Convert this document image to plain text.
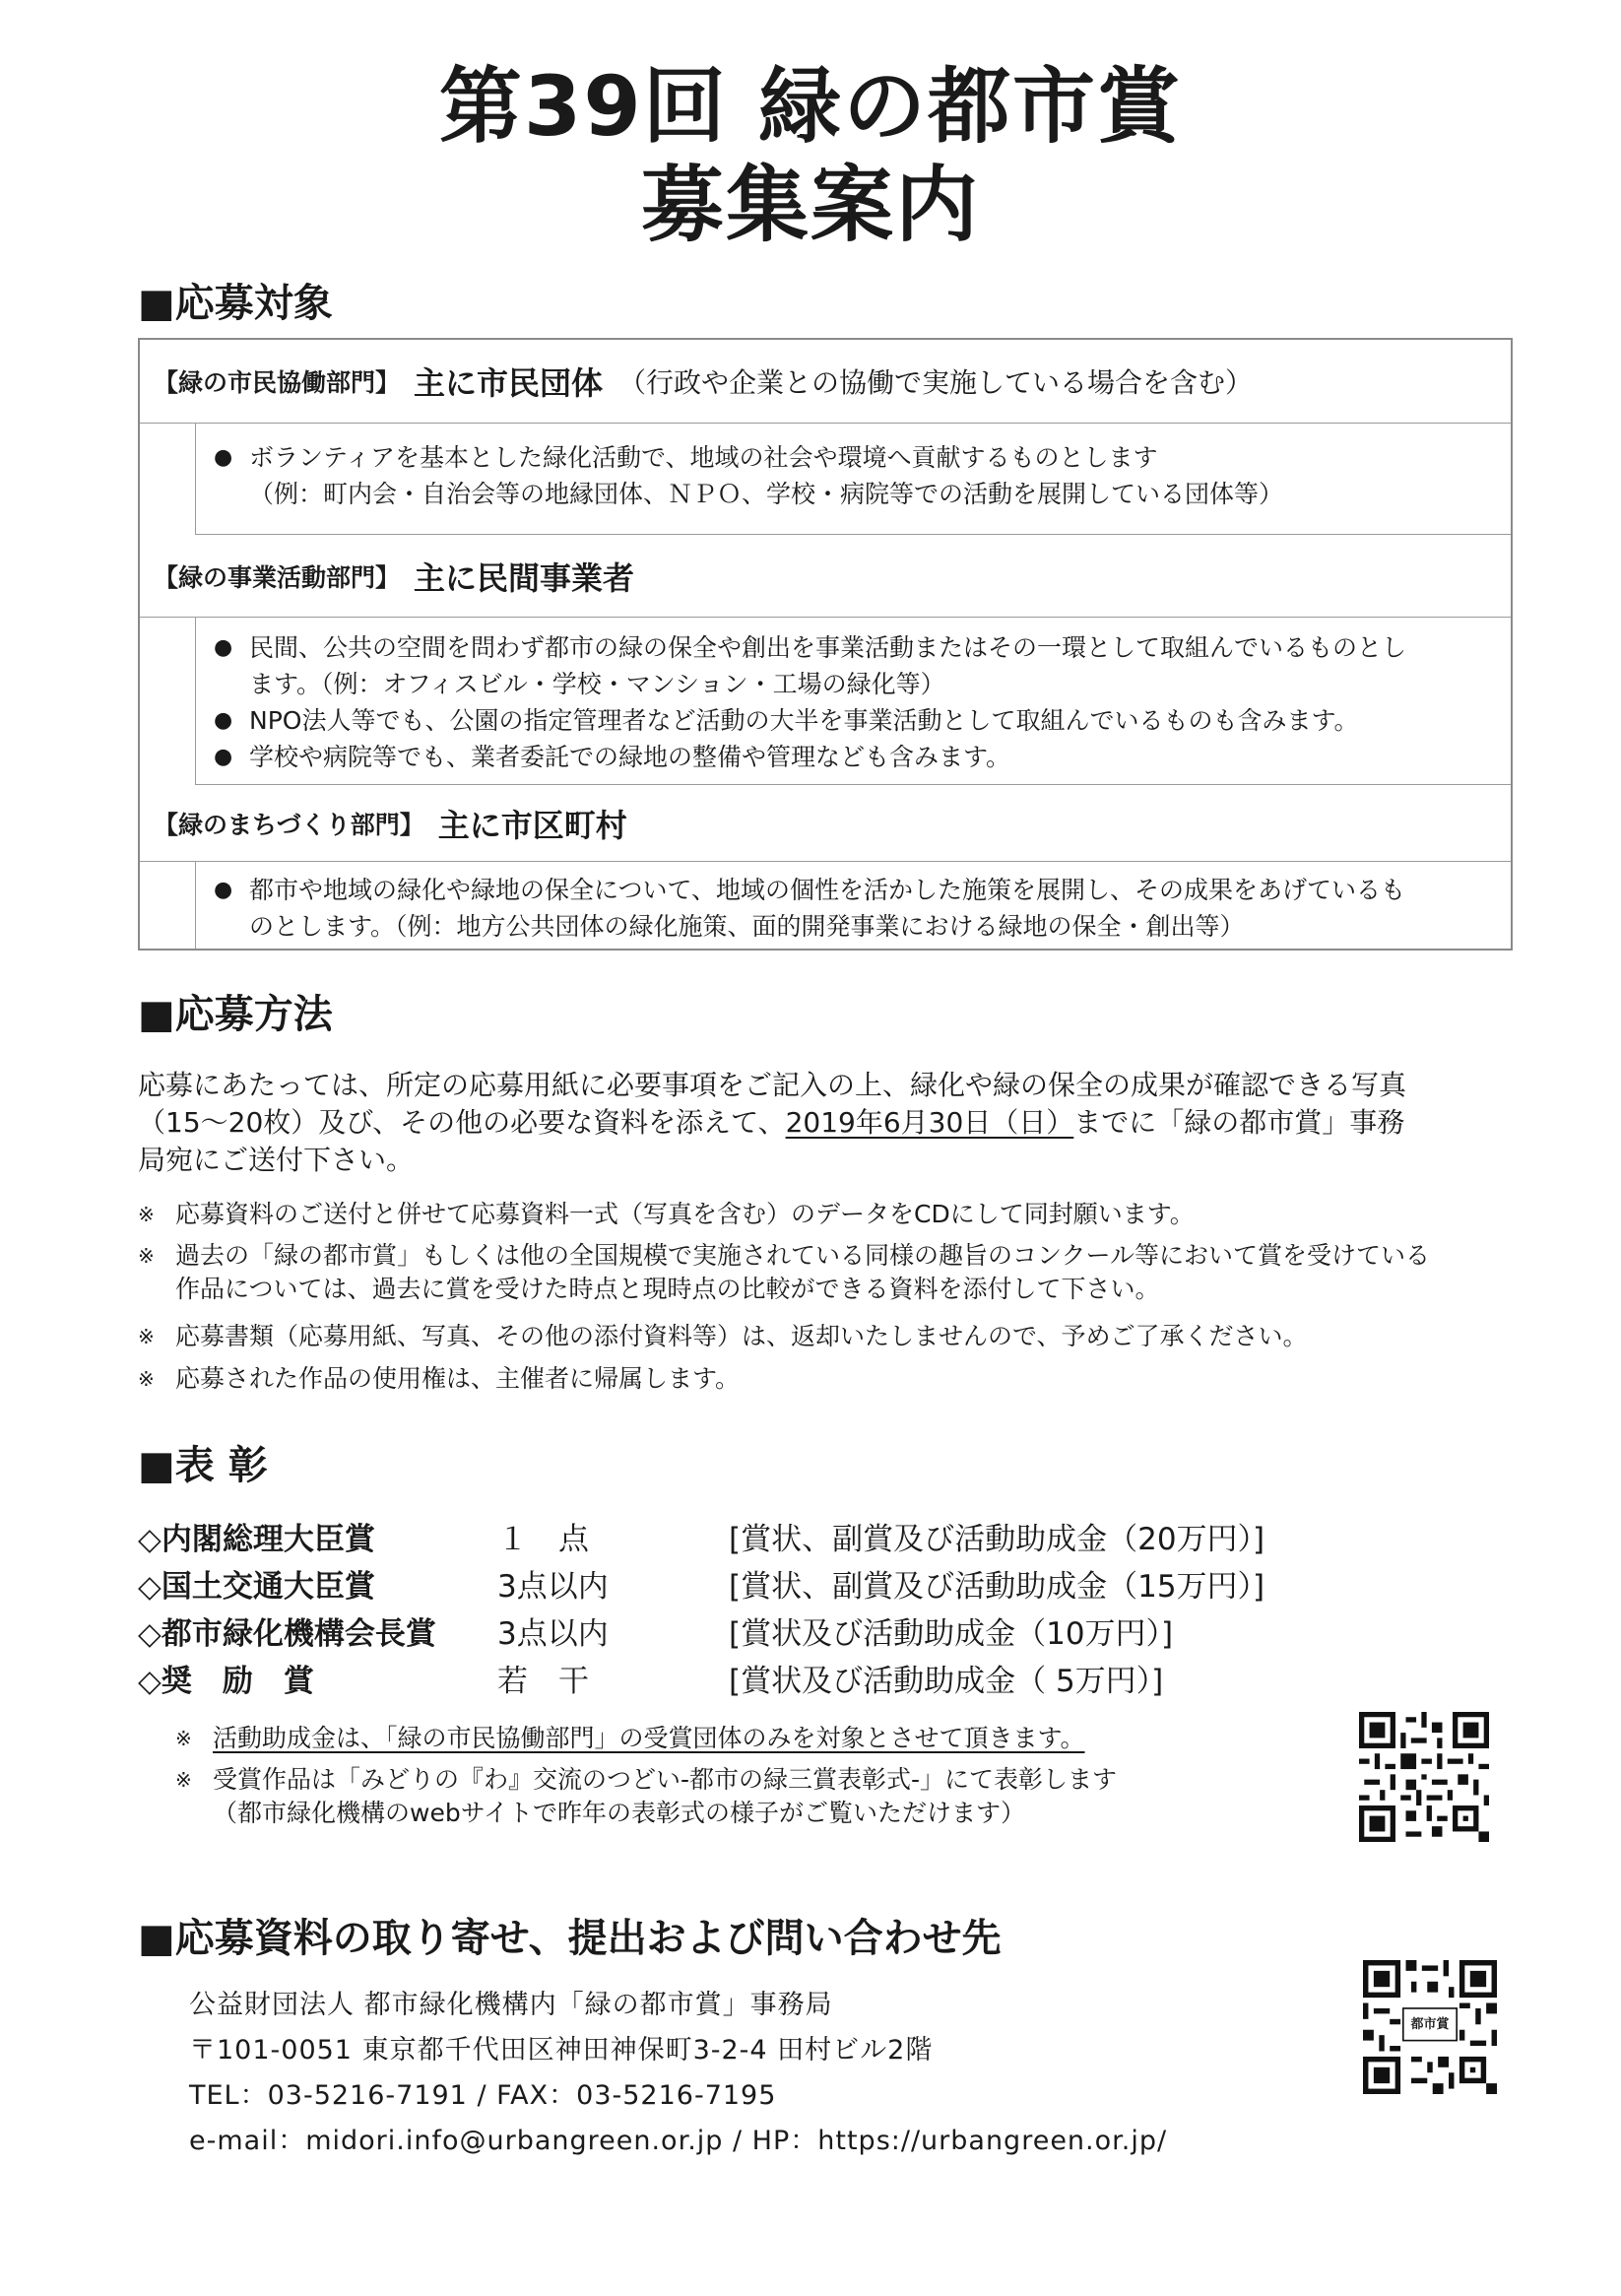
第39回 緑の都市賞
募集案内
■応募対象
【緑の市民協働部門】 主に市民団体 （行政や企業との協働で実施している場合を含む）
● ボランティアを基本とした緑化活動で、地域の社会や環境へ貢献するものとします
（例：町内会・自治会等の地縁団体、ＮＰＯ、学校・病院等での活動を展開している団体等）
【緑の事業活動部門】 主に民間事業者
● 民間、公共の空間を問わず都市の緑の保全や創出を事業活動またはその一環として取組んでいるものとし
ます。（例：オフィスビル・学校・マンション・工場の緑化等）
● NPO法人等でも、公園の指定管理者など活動の大半を事業活動として取組んでいるものも含みます。
● 学校や病院等でも、業者委託での緑地の整備や管理なども含みます。
【緑のまちづくり部門】 主に市区町村
● 都市や地域の緑化や緑地の保全について、地域の個性を活かした施策を展開し、その成果をあげているも
のとします。（例：地方公共団体の緑化施策、面的開発事業における緑地の保全・創出等）
■応募方法
応募にあたっては、所定の応募用紙に必要事項をご記入の上、緑化や緑の保全の成果が確認できる写真
（15～20枚）及び、その他の必要な資料を添えて、2019年6月30日（日）までに「緑の都市賞」事務
局宛にご送付下さい。
※ 応募資料のご送付と併せて応募資料一式（写真を含む）のデータをCDにして同封願います。
※ 過去の「緑の都市賞」もしくは他の全国規模で実施されている同様の趣旨のコンクール等において賞を受けている
作品については、過去に賞を受けた時点と現時点の比較ができる資料を添付して下さい。
※ 応募書類（応募用紙、写真、その他の添付資料等）は、返却いたしませんので、予めご了承ください。
※ 応募された作品の使用権は、主催者に帰属します。
■表 彰
◇内閣総理大臣賞	１　点	[賞状、副賞及び活動助成金（20万円）]
◇国土交通大臣賞	3点以内	[賞状、副賞及び活動助成金（15万円）]
◇都市緑化機構会長賞 3点以内	[賞状及び活動助成金（10万円）]
◇奨　励　賞	若　干	[賞状及び活動助成金（ 5万円）]
※ 活動助成金は、「緑の市民協働部門」の受賞団体のみを対象とさせて頂きます。
※ 受賞作品は「みどりの『わ』交流のつどい-都市の緑三賞表彰式-」にて表彰します
（都市緑化機構のwebサイトで昨年の表彰式の様子がご覧いただけます）
■応募資料の取り寄せ、提出および問い合わせ先
公益財団法人 都市緑化機構内「緑の都市賞」事務局
〒101-0051 東京都千代田区神田神保町3-2-4 田村ビル2階
TEL：03-5216-7191 / FAX：03-5216-7195
e-mail：midori.info@urbangreen.or.jp / HP：https://urbangreen.or.jp/
都市賞
